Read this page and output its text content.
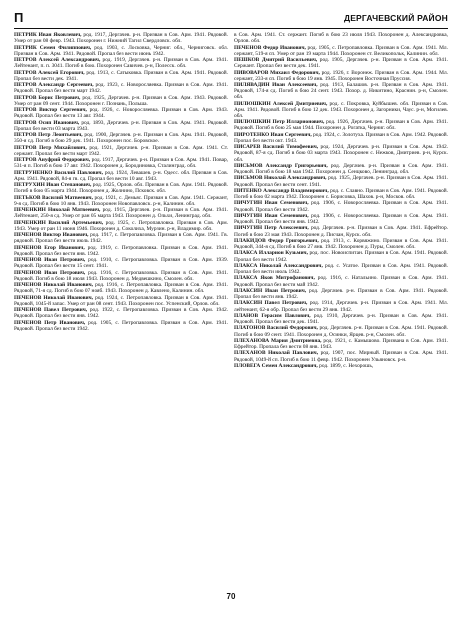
П	ДЕРГАЧЕВСКИЙ РАЙОН

ПЕТРИК Иван Яковлевич, род. 1917, Дергачев. р-н. Призван в Сов. Арм. 1941. Рядовой. Умер от ран 08 февр. 1943. Похоронен г. Нижний Тагил Свердловск. обл.

ПЕТРИК Семен Филиппович, род. 1903, с. Лосковка, Черниг. обл., Черниговск. обл. Призван в Сов. Арм. 1941. Рядовой. Пропал без вести июнь 1942.

ПЕТРОВ Алексей Александрович, род. 1919, Дергачев. р-н. Призван в Сов. Арм. 1941. Лейтенант, п. п. 3041. Погиб в бою. Похоронен Савичев. р-н, Полесск. обл.

ПЕТРОВ Алексей Егорович, род. 1913, с. Сатыковка. Призван в Сов. Арм. 1941. Рядовой. Пропал без вести дек. 1941.

ПЕТРОВ Александр Сергеевич, род. 1923, с. Новоросляевка. Призван в Сов. Арм. 1941. Рядовой. Пропал без вести март 1942.

ПЕТРОВ Борис Петрович, род. 1925, Дергачев. р-н. Призван в Сов. Арм. 1943. Рядовой. Умер от ран 09 сент. 1944. Похоронен г. Познань, Польша.

ПЕТРОВ Виктор Сергеевич, род. 1926, с. Новоросляевка. Призван в Сов. Арм. 1943. Рядовой. Пропал без вести 13 авг. 1944.

ПЕТРОВ Осип Иванович, род. 1893, Дергачев. р-н. Призван в Сов. Арм. 1941. Рядовой. Пропал без вести 03 марта 1943.

ПЕТРОВ Петр Леонтьевич, род. 1900, Дергачев. р-н. Призван в Сов. Арм. 1941. Рядовой, 350-я сд. Погиб в бою 29 дек. 1941. Похоронен пос. Боровское.

ПЕТРОВ Петр Михайлович, род. 1921, Дергачев. р-н. Призван в Сов. Арм. 1941. Ст. сержант. Пропал без вести март 1942.

ПЕТРОВ Ануфрий Федорович, род. 1917, Дергачев. р-н. Призван в Сов. Арм. 1941. Повар, 531-я п. Погиб в бою 17 авг. 1942. Похоронен д. Бородиновка, Сталинград. обл.

ПЕТРУНЕНКО Василий Павлович, род. 1924, Левашев. р-н. Одесс. обл. Призван в Сов. Арм. 1941. Рядовой, 84-я гв. сд. Пропал без вести 10 авг. 1943.

ПЕТРУХИН Иван Степанович, род. 1925, Орлов. обл. Призван в Сов. Арм. 1941. Рядовой. Погиб в бою 05 марта 1944. Похоронен д. Жолнино, Псковск. обл.

ПЕТЬКОВ Василий Матвеевич, род. 1921, с. Демьяс. Призван в Сов. Арм. 1941. Сержант, 9-я сд. Погиб в бою 10 янв. 1943. Похоронен Новопавловск. р-н, Калинин. обл.

ПЕЧЕНКИН Николай Матвеевич, род. 1915, Дергачев. р-н. Призван в Сов. Арм. 1941. Лейтенант, 250-я сд. Умер от ран 05 марта 1943. Похоронен д. Ольхи, Ленинград. обл.

ПЕЧЕНКИН Василий Артемьевич, род. 1925, с. Петропавловка. Призван в Сов. Арм. 1943. Умер от ран 11 июня 1946. Похоронен д. Соколиха, Мурзин. р-н, Владимир. обл.

ПЕЧЕНОВ Виктор Иванович, род. 1917, с. Петропавловка. Призван в Сов. Арм. 1941. Гв. рядовой. Пропал без вести июль 1942.

ПЕЧЕНОВ Егор Иванович, род. 1919, с. Петропавловка. Призван в Сов. Арм. 1941. Рядовой. Пропал без вести янв. 1942.

ПЕЧЕНОВ Иван Петрович, род. 1910, с. Петропавловка. Призван в Сов. Арм. 1939. Рядовой. Пропал без вести 15 сент. 1941.

ПЕЧЕНОВ Иван Петрович, род. 1916, с. Петропавловка. Призван в Сов. Арм. 1941. Рядовой. Погиб в бою 18 июля 1943. Похоронен д. Медвешкино, Смолен. обл.

ПЕЧЕНОВ Николай Иванович, род. 1916, с. Петропавловка. Призван в Сов. Арм. 1941. Рядовой, 71-я сд. Погиб в бою 07 нояб. 1943. Похоронен д. Кавлено, Калинин. обл.

ПЕЧЕНОВ Николай Иванович, род. 1924, с. Петропавловка. Призван в Сов. Арм. 1941. Рядовой, 1045-й запас. Умер от ран 08 сент. 1943. Похоронен пос. Успенский, Орлов. обл.

ПЕЧЕНОВ Павел Петрович, род. 1922, с. Петропавловка. Призван в Сов. Арм. 1942. Рядовой. Пропал без вести янв. 1942.

ПЕЧЕНОВ Петр Иванович, род. 1905, с. Петропавловка. Призван в Сов. Арм. 1941. Рядовой. Пропал без вести 1942.

в Сов. Арм. 1941. Ст. сержант. Погиб в бою 23 июля 1943. Похоронен д. Александровка, Орлов. обл.

ПЕЧЕНОВ Федор Иванович, род. 1905, с. Петропавловка. Призван в Сов. Арм. 1941. Мл. сержант, 519-я сп. Умер от ран 19 марта 1944. Похоронен ст. Великопольк, Калинин. обл.

ПЕШКОВ Дмитрий Васильевич, род. 1905, Дергачев. р-н. Призван в Сов. Арм. 1941. Сержант. Пропал без вести дек. 1941.

ПИВОВАРОВ Михаил Федорович, род. 1926, г. Воронеж. Призван в Сов. Арм. 1944. Мл. сержант, 233-я сп. Погиб в бою 19 янв. 1945. Похоронен Восточная Пруссия.

ПИЛЯВАДИН Иван Алексеевич, род. 1913, Балашов. р-н. Призван в Сов. Арм. 1941. Рядовой, 174-я сд. Погиб в бою 24 сент. 1943. Похор. д. Никитино, Краснин. р-н, Смолен. обл.

ПИЛЮШКИН Алексей Дмитриевич, род. с. Покровка, Куйбышев. обл. Призван в Сов. Арм. 1941. Рядовой. Погиб в бою 12 дек. 1943. Похоронен д. Загорники, Чаус. р-н, Могилев. обл.

ПИЛЮШКИН Петр Илларионович, род. 1926, Дергачев. р-н. Призван в Сов. Арм. 1941. Рядовой. Погиб в бою 25 мая 1944. Похоронен д. Рогатка, Черниг. обл.

ПИРОТЕНКО Иван Сергеевич, род. 1924, с. Золотуха. Призван в Сов. Арм. 1942. Рядовой. Пропал без вести окт. 1943.

ПИСАРЕВ Василий Тимофеевич, род. 1924, Дергачев. р-н. Призван в Сов. Арм. 1942. Рядовой, 87-я сд. Погиб в бою 03 марта 1943. Похоронен с. Нежков, Дмитриев. р-н, Курск. обл.

ПИСЬМОВ Александр Григорьевич, род. Дергачев. р-н. Призван в Сов. Арм. 1941. Рядовой. Погиб в бою 18 мая 1942. Похоронен д. Сенцково, Ленинград. обл.

ПИСЬМОВ Николай Александрович, род. 1925, Дергачев. р-н. Призван в Сов. Арм. 1941. Рядовой. Пропал без вести сент. 1941.

ПИТЕНКО Александр Владимирович, род. с. Славно. Призван в Сов. Арм. 1941. Рядовой. Погиб в бою 02 марта 1942. Похоронен с. Борисовка, Шахов. р-н, Москов. обл.

ПИЧУГИН Иван Семенович, род. 1906, с. Новоросляевка. Призван в Сов. Арм. 1941. Рядовой. Пропал без вести 1942.

ПИЧУГИН Иван Семенович, род. 1906, с. Новоросляевка. Призван в Сов. Арм. 1941. Рядовой. Пропал без вести янв. 1942.

ПИЧУГИН Петр Алексеевич, род. Дергачев. р-н. Призван в Сов. Арм. 1941. Ефрейтор. Погиб в бою 23 мая 1943. Похоронен д. Писчан, Курск. обл.

ПЛАКИДОВ Федор Григорьевич, род. 1913, с. Корвяжино. Призван в Сов. Арм. 1941. Рядовой, 344-я сд. Погиб в бою 27 янв. 1942. Похоронен д. Пуры, Смолен. обл.

ПЛАКСА Илларион Кузьмич, род. пос. Новоиспитан. Призван в Сов. Арм. 1941. Рядовой. Пропал без вести 1942.

ПЛАКСА Николай Александрович, род. с. Усатое. Призван в Сов. Арм. 1941. Рядовой. Пропал без вести июль 1942.

ПЛАКСА Яков Митрофанович, род. 1916, с. Натальино. Призван в Сов. Арм. 1941. Рядовой. Пропал без вести май 1942.

ПЛАКСИН Иван Петрович, род. Дергачев. р-н. Призван в Сов. Арм. 1941. Рядовой. Пропал без вести янв. 1942.

ПЛАКСИН Павел Петрович, род. 1914, Дергачев. р-н. Призван в Сов. Арм. 1941. Мл. лейтенант, 62-я обр. Пропал без вести 29 янв. 1942.

ПЛАНОВ Герасим Павлович, род. 1910, Дергачев. р-н. Призван в Сов. Арм. 1941. Рядовой. Пропал без вести дек. 1941.

ПЛАТОНОВ Василий Федорович, род. Дергачев. р-н. Призван в Сов. Арм. 1941. Рядовой. Погиб в бою 09 сент. 1941. Похоронен д. Осинки, Ярцев. р-н, Смолен. обл.

ПЛЕХАНОВА Мария Дмитриевна, род. 1921, с. Камышово. Призвана в Сов. Арм. 1941. Ефрейтор. Пропала без вести 08 янв. 1943.

ПЛЕХАНОВ Николай Павлович, род. 1907, пос. Мирный. Призван в Сов. Арм. 1941. Рядовой, 1049-й сп. Погиб в бою 11 февр. 1942. Похоронен Ульяновск. р-н.

ПЛОВЕГА Семен Александрович, род. 1899, с. Нехорошь,

70
